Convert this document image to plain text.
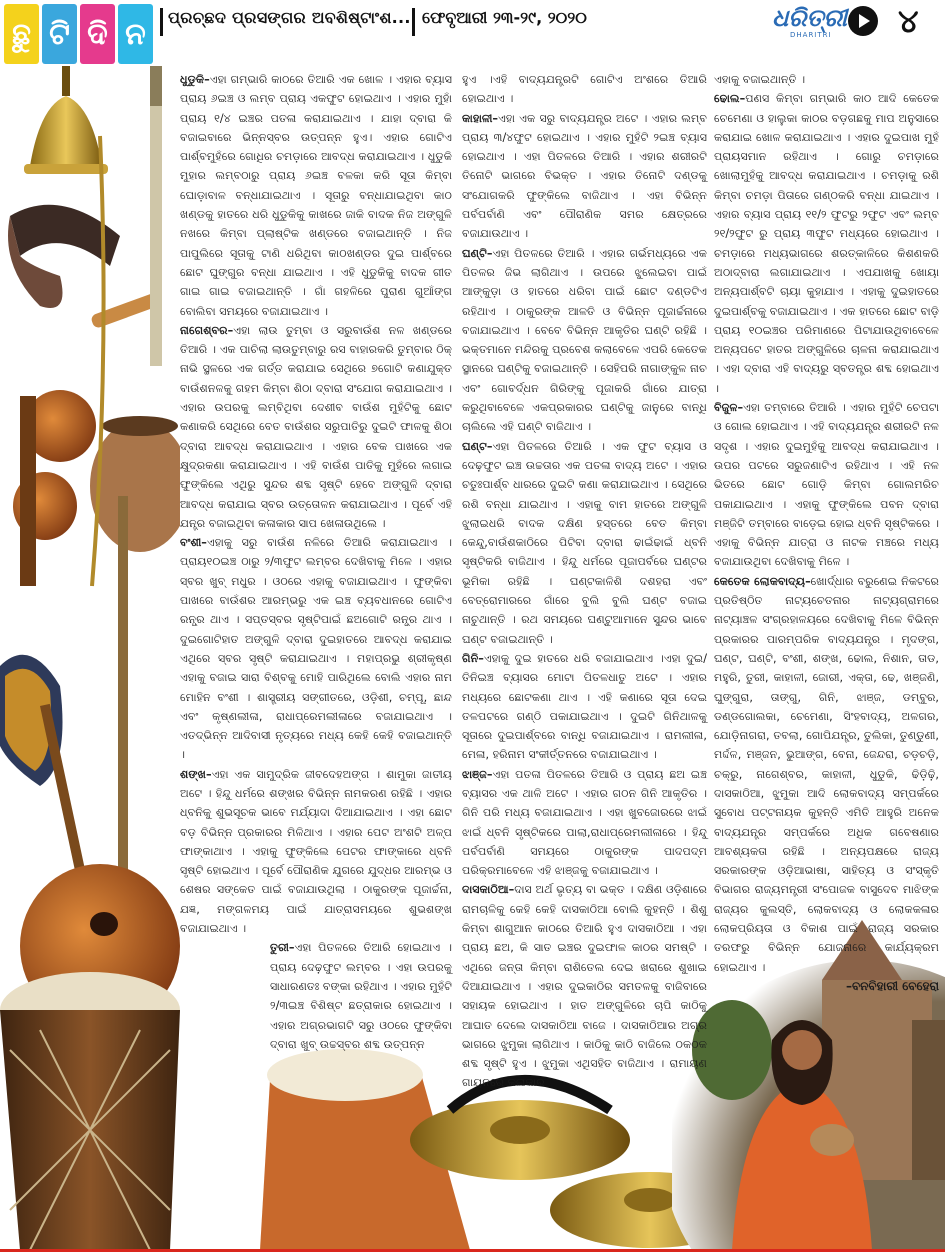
ଛୁ ଟି ଦି ନ	ପ୍ରଚ୍ଛଦ ପ୍ରସଙ୍ଗର ଅବଶିଷ୍ଟାଂଶ... ଫେବୃଆରୀ ୨୩-୨୯, ୨୦୨୦	ଧରିତ୍ରୀ
DHARITRI ୪

ଧୁଡୁକି–ଏହା ଗମ୍ଭାରି କାଠରେ ତିଆରି ଏକ ଖୋଳ । ଏହାର ବ୍ୟାସ ପ୍ରାୟ ୬ଇଞ୍ଚ ଓ ଲମ୍ବ ପ୍ରାୟ ଏକଫୁଟ ହୋଇଥାଏ । ଏହାର ମୁହାଁ ପ୍ରାୟ ୧/୪ ଇଞ୍ଚର ପତଳା କରାଯାଇଥାଏ । ଯାହା ଦ୍ବାରା କି ବଜାଇବାରେ ଭିନ୍ନସ୍ବର ଉତ୍ପନ୍ନ ହୁଏ। ଏହାର ଗୋଟିଏ ପାର୍ଶ୍ବମୁହଁରେ ଗୋଧିର ଚମଡ଼ାରେ ଆବଦ୍ଧ କରାଯାଇଥାଏ । ଧୁଡୁକି ମୁହାର ଲମ୍ବଠାରୁ ପ୍ରାୟ ୬ଇଞ୍ଚ ବଳକା କରି ସୂତା କିମ୍ବା ଘୋଡ଼ାବାଳ ବନ୍ଧାଯାଇଥାଏ । ସୂତାରୁ ବନ୍ଧାଯାଇଥିବା କାଠ ଖଣ୍ଡକୁ ହାତରେ ଧରି ଧୁଡୁକିକୁ କାଖରେ ଜାକି ବାଦକ ନିଜ ଅଙ୍ଗୁଳି ନଖରେ କିମ୍ବା ପ୍ଲାଷ୍ଟିକ ଖଣ୍ଡରେ ବଜାଇଥାନ୍ତି । ନିଜ ପାପୁଲିରେ ସୂତାକୁ ଟାଣି ଧରିଥିବା କାଠଖଣ୍ଡର ଦୁଇ ପାର୍ଶ୍ବରେ ଛୋଟ ଘୁଙ୍ଗୁର ବନ୍ଧା ଯାଇଥାଏ । ଏହି ଧୁଡୁକିକୁ ବାଦକ ଗୀତ ଗାଇ ଗାଇ ବଜାଇଥାନ୍ତି । ଗାଁ ଗହଳିରେ ପୁରାଣ ଗୁଆଁଙ୍ଗ ବୋଲିବା ସମୟରେ ବଜାଯାଇଥାଏ ।

ନାଗେଶ୍ବର–ଏହା ଲାଉ ତୁମ୍ବା ଓ ସରୁବାଉଁଶ ନଳ ଖଣ୍ଡରେ ତିଆରି । ଏକ ପାଚିଲା ଲାଉତୁମ୍ବାରୁ ରସ ବାହାରକରି ତୁମ୍ବାର ଠିକ୍ ନାଭି ସ୍ଥଳରେ ଏକ ଗର୍ତ୍ତ କରାଯାଇ ସେଥିରେ ୭ଗୋଟି କଣାଯୁକ୍ତ ବାଉଁଶନଳକୁ ଗହମ କିମ୍ବା ଶିଠା ଦ୍ବାରା ସଂଯୋଗ କରାଯାଇଥାଏ । ଏହାର ଉପରକୁ ଲମ୍ବିଥିବା ଦେଶୀବ ବାଉଁଶ ମୁହଁଟିକୁ ଛୋଟ କଣାକରି ସେଥିରେ ବେତ ବାଉଁଶର ସରୁପାତିରୁ ଦୁଇଟି ଫାଳକୁ ଶିଠା ଦ୍ବାରା ଆବଦ୍ଧ କରାଯାଇଥାଏ । ଏହାର ବେକ ପାଖରେ ଏକ କ୍ଷୁଦ୍ରକଣା କରାଯାଇଥାଏ । ଏହି ବାଉଁଶ ପାତିକୁ ମୁହଁରେ ଲଗାଇ ଫୁଙ୍କିଲେ ଏଥିରୁ ସୁନ୍ଦର ଶବ୍ଦ ସୃଷ୍ଟି ହେବେ ଅଙ୍ଗୁଳି ଦ୍ବାରା ଆବଦ୍ଧ କରାଯାଇ ସ୍ବର ଉତ୍ତୋଳନ କରାଯାଇଥାଏ । ପୂର୍ବେ ଏହି ଯନ୍ତ୍ର ବଜାଇଥିବା କଳାକାର ସାପ ଖେଳାଉଥିଲେ ।

ବଂଶୀ–ଏହାକୁ ସରୁ ବାଉଁଶ ନଳିରେ ତିଆରି କରାଯାଇଥାଏ । ପ୍ରାୟ୧୦ଇଞ୍ଚ ଠାରୁ ୨/୩ଫୁଟ ଲମ୍ବର ଦେଖିବାକୁ ମିଳେ । ଏହାର ସ୍ବର ଖୁବ୍ ମଧୁର । ଓଠରେ ଏହାକୁ ବଜାଯାଇଥାଏ । ଫୁଙ୍କିବା ପାଖରେ ବାଉଁଶର ଆରମ୍ଭରୁ ଏକ ଇଞ୍ଚ ବ୍ୟବଧାନରେ ଗୋଟିଏ ରନ୍ଧ୍ର ଥାଏ । ସପ୍ତସ୍ବର ସୃଷ୍ଟିପାଇଁ ଛଅଗୋଟି ରନ୍ଧ୍ର ଥାଏ । ଦୁଇଗୋଟିହାତ ଅଙ୍ଗୁଳି ଦ୍ବାରା ଦୁଇହାତରେ ଆବଦ୍ଧ କରାଯାଇ ଏଥିରେ ସ୍ବର ସୃଷ୍ଟି କରାଯାଇଥାଏ । ମହାପ୍ରଭୁ ଶ୍ରୀକୃଷ୍ଣ ଏହାକୁ ବଜାଇ ସାରା ବିଶ୍ବକୁ ମୋହି ପାରିଥିଲେ ବୋଲି ଏହାର ନାମ ମୋହିନ ବଂଶୀ । ଶାସ୍ତ୍ରୀୟ ସଙ୍ଗୀତରେ, ଓଡ଼ିଶୀ, ଚମ୍ପୂ, ଛାନ୍ଦ ଏବଂ କୃଷ୍ଣଲୀଳା, ରାଧାପ୍ରେମଲୀଳାରେ ବଜାଯାଇଥାଏ । ଏତଦ୍ଭିନ୍ନ ଆଦିବାସୀ ନୃତ୍ୟରେ ମଧ୍ୟ କେହି କେହି ବଜାଇଥାନ୍ତି ।

ଶଙ୍ଖ–ଏହା ଏକ ସାମୁଦ୍ରିକ ଜୀବଦେହଅଙ୍ଗ । ଶାମୁକା ଜାତୀୟ ଅଟେ । ହିନ୍ଦୁ ଧର୍ମରେ ଶଙ୍ଖର ବିଭିନ୍ନ ନାମକରଣ ରହିଛି । ଏହାର ଧ୍ବନିକୁ ଶୁଭସୂଚକ ଭାବେ ମର୍ଯ୍ୟାଦା ଦିଆଯାଇଥାଏ । ଏହା ଛୋଟ ବଡ଼ ବିଭିନ୍ନ ପ୍ରକାରର ମିଳିଥାଏ । ଏହାର ପେଟ ଅଂଶଟି ଅଳ୍ପ ଫାଙ୍କାଥାଏ । ଏହାକୁ ଫୁଙ୍କିଲେ ପେଟର ଫାଙ୍କାରେ ଧ୍ବନି ସୃଷ୍ଟି ହୋଇଥାଏ । ପୂର୍ବେ ପୌରାଣିକ ଯୁଗରେ ଯୁଦ୍ଧର ଆରମ୍ଭ ଓ ଶେଷର ସଙ୍କେତ ପାଇଁ ବଜାଯାଉଥିଲା । ଠାକୁରଙ୍କ ପୂଜାର୍ଚ୍ଚନା, ଯଜ୍ଞ, ମଙ୍ଗଳମୟ ପାଇଁ ଯାତ୍ରାସମୟରେ ଶୁଭଶଙ୍ଖ ବଜାଯାଇଥାଏ ।

ତୁରୀ–ଏହା ପିତଳରେ ତିଆରି ହୋଇଥାଏ । ପ୍ରାୟ ଦେଢ଼ଫୁଟ ଲମ୍ବର । ଏହା ଉପରକୁ ସାଧାରଣତଃ ବଙ୍କା ରହିଥାଏ । ଏହାର ମୁହଁଟି ୨/୩ଇଞ୍ଚ ବିଶିଷ୍ଟ ଛତ୍ରାକାର ହୋଇଥାଏ । ଏହାର ଅଗ୍ରଭାଗଟି ସରୁ ଓଠରେ ଫୁଙ୍କିବା ଦ୍ବାରା ଖୁବ୍ ଉଚ୍ଚସ୍ବର ଶବ୍ଦ ଉତ୍ପନ୍ନ

ହୁଏ ।ଏହି ବାଦ୍ୟଯନ୍ତ୍ରଟି ଗୋଟିଏ ଅଂଶରେ ତିଆରି ହୋଇଥାଏ ।

କାହାଳୀ–ଏହା ଏକ ସରୁ ବାଦ୍ୟଯନ୍ତ୍ର ଅଟେ । ଏହାର ଲମ୍ବ ପ୍ରାୟ ୩/୪ଫୁଟ ହୋଇଥାଏ । ଏହାର ମୁହଁଟି ୨ଇଞ୍ଚ ବ୍ୟାସ ହୋଇଥାଏ । ଏହା ପିତଳରେ ତିଆରି । ଏହାର ଶରୀରଟି ତିନୋଟି ଭାଗରେ ବିଭକ୍ତ । ଏହାର ତିନୋଟି ଦଣ୍ଡକୁ ସଂଯୋଗକରି ଫୁଙ୍କିଲେ ବାଜିଥାଏ । ଏହା ବିଭିନ୍ନ ପର୍ବପର୍ବାଣି ଏବଂ ପୌରାଣିକ ସମର କ୍ଷେତ୍ରରେ ବଜାଯାଉଥାଏ ।

ଘଣ୍ଟି–ଏହା ପିତଳରେ ତିଆରି । ଏହାର ଗର୍ଭମଧ୍ୟରେ ଏକ ପିତଳର ଜିଭ ଲାଗିଥାଏ । ଉପରେ ଝୁଲେଇବା ପାଇଁ ଆଙ୍କୁଡ଼ା ଓ ହାତରେ ଧରିବା ପାଇଁ ଛୋଟ ଦଣ୍ଡଟିଏ ରହିଥାଏ । ଠାକୁରଙ୍କ ଆଳତି ଓ ବିଭିନ୍ନ ପୂଜାର୍ଚ୍ଚନାରେ ବଜାଯାଇଥାଏ । ବେବେ ବିଭିନ୍ନ ଆକୃତିର ଘଣ୍ଟି ରହିଛି । ଭକ୍ତମାନେ ମନ୍ଦିରକୁ ପ୍ରବେଶ କଲାବେଳେ ଏପରି କେତେକ ସ୍ଥାନରେ ଘଣ୍ଟିକୁ ବଜାଇଥାନ୍ତି । ସେହିପରି ନାଗାଙ୍କୁଳ ନାଚ ଏବଂ ଗୋବର୍ଦ୍ଧନ ଗିରିଙ୍କୁ ପୂଜାକରି ଗାଁରେ ଯାତ୍ରା କରୁଥିବାବେଳେ ଏକପ୍ରକାରର ଘଣ୍ଟିକୁ ଜାନୁରେ ବାନ୍ଧି ଚାଲିଲେ ଏହି ଘଣ୍ଟି ବାଜିଥାଏ ।

ଘଣ୍ଟ–ଏହା ପିତଳରେ ତିଆରି । ଏକ ଫୁଟ ବ୍ୟାସ ଓ ଦେଢ଼ଫୁଟ ଇଞ୍ଚ ଉଚ୍ଚତାର ଏକ ପତଳା ବାଦ୍ୟ ଅଟେ । ଏହାର ଚତୁଃପାର୍ଶ୍ବ ଧାରରେ ଦୁଇଟି କଣା କରାଯାଇଥାଏ । ସେଥିରେ ରଶି ବନ୍ଧା ଯାଇଥାଏ । ଏହାକୁ ବାମ ହାତରେ ଅଙ୍ଗୁଳି ଝୁଲାଇଧରି ବାଦକ ଦକ୍ଷିଣ ହସ୍ତରେ ବେତ କିମ୍ବା କେନ୍ଦୁ,ବାଉଁଶକାଠିରେ ପିଟିବା ଦ୍ବାରା ଢାଇଁଢାଇଁ ଧ୍ବନି ସୃଷ୍ଟିକରି ବାଜିଥାଏ । ହିନ୍ଦୁ ଧର୍ମରେ ପୂଜାପର୍ବରେ ଘଣ୍ଟର ଭୂମିକା ରହିଛି । ଘଣ୍ଟକାଳିଶି ଦଶହରା ଏବଂ ବେତ୍ରୋମାରରେ ଗାଁରେ ବୁଲି ବୁଲି ଘଣ୍ଟ ବଜାଇ ନାଚୁଥାନ୍ତି । ରଥ ସମୟରେ ଘଣ୍ଟୁଆମାନେ ସୁନ୍ଦର ଭାବେ ଘଣ୍ଟ ବଜାଇଥାନ୍ତି ।

ଗିନି–ଏହାକୁ ଦୁଇ ହାତରେ ଧରି ବଜାଯାଇଥାଏ ।ଏହା ଦୁଇ/ ତିନିଇଞ୍ଚ ବ୍ୟାସର ମୋଟା ପିତଳଧାତୁ ଅଟେ । ଏହାର ମଧ୍ୟରେ ଛୋଟକଣା ଥାଏ । ଏହି କଣାରେ ସୂତା ଦେଇ ତଳପଟରେ ଗଣ୍ଠି ପକାଯାଇଥାଏ । ଦୁଇଟି ଗିନିଥାଳକୁ ସୂତାରେ ଦୁଇପାର୍ଶ୍ବରେ ବାନ୍ଧି ବଜାଯାଇଥାଏ । ରାମଲୀଳା, ମେଳା, ହରିନାମ ସଂକୀର୍ତ୍ତନରେ ବଜାଯାଇଥାଏ ।

ଝାଞ୍ଜ–ଏହା ପତଳା ପିତଳରେ ତିଆରି ଓ ପ୍ରାୟ ଛଅ ଇଞ୍ଚ ବ୍ୟାସର ଏକ ଥାଳି ଅଟେ । ଏହାର ଗଠନ ଗିନି ଆକୃତିର । ଗିନି ପରି ମଧ୍ୟ ବଜାଯାଇଥାଏ । ଏହା ଖୁବଜୋରରେ ଝାଇଁ ଝାଇଁ ଧ୍ବନି ସୃଷ୍ଟିକରେ ପାଲା,ରାଧାପ୍ରେମଲୀଳାରେ । ହିନ୍ଦୁ ପର୍ବପର୍ବାଣି ସମୟରେ ଠାକୁରଙ୍କ ପାଦପଦ୍ମ ପରିକ୍ରମାବେଳେ ଏହି ଝାଞ୍ଜକୁ ବଜାଯାଇଥାଏ ।

ଦାସକାଠିଆ–ଦାସ ଅର୍ଥ ଭୃତ୍ୟ ବା ଭକ୍ତ । ଦକ୍ଷିଣ ଓଡ଼ିଶାରେ ରାମଚାଳିକୁ କେହି କେହି ଦାସକାଠିଆ ବୋଲି କୁହନ୍ତି । ଶିଶୁ କିମ୍ବା ଶାଗୁଆନ କାଠରେ ତିଆରି ହୁଏ ଦାସକାଠିଆ । ଏହା ପ୍ରାୟ ଛଅ, କି ସାତ ଇଞ୍ଚର ଦୁଇଫାଳ କାଠର ସମଷ୍ଟି । ଏଥିରେ ଜନ୍ତା କିମ୍ବା ରାଶିତେଲ ଦେଇ ଖରାରେ ଶୁଖାଇ ଦିଆଯାଇଥାଏ । ଏହାର ଦୁଇକାଠିର ସମତଳକୁ ବାଜିବାରେ ସହାୟକ ହୋଇଥାଏ । ହାତ ଅଙ୍ଗୁଳିରେ ଚାପି କାଠିକୁ ଆଘାତ ଦେଲେ ଦାସକାଠିଆ ବାଜେ । ଦାସକାଠିଆର ଅଗ୍ର ଭାଗରେ ଝୁମୁକା ଲାଗିଥାଏ । କାଠିକୁ କାଠି ବାଜିଲେ ଠକଠକ ଶବ୍ଦ ସୃଷ୍ଟି ହୁଏ । ଝୁମୁକା ଏଥିସହିତ ବାଜିଥାଏ । ରାମାୟଣ ଗାୟନରେ କଳାକାର

ଏହାକୁ ବଜାଇଥାନ୍ତି ।

ଢୋଲ–ପଣସ କିମ୍ବା ଗମ୍ଭାରି କାଠ ଆଦି କେତେକ ଚେମେଣା ଓ ହାଲୁକା କାଠର ବଡ଼ଗଛକୁ ମାପ ଅନୁସାରେ କରାଯାଇ ଖୋଳ କରାଯାଇଥାଏ । ଏହାର ଦୁଇପାଖ ମୁହଁ ପ୍ରାୟସମାନ ରହିଥାଏ । ଗୋରୁ ଚମଡ଼ାରେ ଖୋଲାମୁହଁକୁ ଆବଦ୍ଧ କରାଯାଇଥାଏ । ଚମଡ଼ାକୁ ରଶି କିମ୍ବା ଚମଡ଼ା ପିତାରେ ଗଣ୍ଠକରି ବନ୍ଧା ଯାଇଥାଏ । ଏହାର ବ୍ୟାସ ପ୍ରାୟ ୧୧/୨ ଫୁଟରୁ ୨ଫୁଟ ଏବଂ ଲମ୍ବ ୨୧/୨ଫୁଟ ରୁ ପ୍ରାୟ ୩ଫୁଟ ମଧ୍ୟରେ ହୋଇଥାଏ । ଚମଡ଼ାରେ ମଧ୍ୟଭାଗରେ ଶରତ୍କାଳିରେ କିଶଣକରି ଅଠାଦ୍ବାରା ଲଗାଯାଇଥାଏ । ଏପଯାଖକୁ ଖୋୟା ଅନ୍ୟପାର୍ଶ୍ବଟି ଚାୟା କୁହାଯାଏ । ଏହାକୁ ଦୁଇହାତରେ ଦୁଇପାର୍ଶ୍ବକୁ ବଜାଯାଇଥାଏ । ଏକ ହାତରେ ଛୋଟ ବାଡ଼ି ପ୍ରାୟ ୧୦ଇଞ୍ଚର ପରିମାଣରେ ପିଟାଯାଉଥିବାବେଳେ ଅନ୍ୟପଟେ ହାତର ଅଙ୍ଗୁଳିରେ ଚାଳନା କରାଯାଇଥାଏ । ଏହା ଦ୍ବାରା ଏହି ବାଦ୍ୟରୁ ସ୍ବତନ୍ତ୍ର ଶବ୍ଦ ହୋଇଥାଏ ।

ବିଜୁଳ–ଏହା ତମ୍ବାରେ ତିଆରି । ଏହାର ମୁହଁଟି ଚେପଟା ଓ ଗୋଲ ହୋଇଥାଏ । ଏହି ବାଦ୍ୟଯନ୍ତ୍ର ଶରୀରଟି ନଳ ସଦୃଶ । ଏହାର ଦୁଇମୁହଁକୁ ଆବଦ୍ଧ କରାଯାଇଥାଏ । ଉପର ପଟରେ ସରୁଜଣାଟିଏ ରହିଥାଏ । ଏହି ନଳ ଭିତରେ ଛୋଟ ଗୋଡ଼ି କିମ୍ବା ଗୋଲମରିଚ ପକାଯାଇଥାଏ । ଏହାକୁ ଫୁଙ୍କିଲେ ପବନ ଦ୍ବାରା ମଞ୍ଜିଟି ତମ୍ବାରେ ବାଡ଼େଇ ହୋଇ ଧ୍ବନି ସୃଷ୍ଟିକରେ । ଏହାକୁ ବିଭିନ୍ନ ଯାତ୍ରା ଓ ନାଟକ ମଞ୍ଚରେ ମଧ୍ୟ ବଜାଯାଉଥିବା ଦେଖିବାକୁ ମିଳେ ।

କେତେକ ଲୋକବାଦ୍ୟ–ଖୋର୍ଦ୍ଧାର ବରୁଣେଇ ନିକଟରେ ପ୍ରତିଷ୍ଠିତ ନାଟ୍ୟଚେତନାର ନାଟ୍ୟଗ୍ରାମରେ ନାଟ୍ୟାଞ୍ଚଳ ସଂଗ୍ରହାଳୟରେ ଦେଖିବାକୁ ମିଳେ ବିଭିନ୍ନ ପ୍ରକାରର ପାରମ୍ପରିକ ବାଦ୍ୟଯନ୍ତ୍ର । ମୃଦଙ୍ଗ, ଘଣ୍ଟ, ଘଣ୍ଟି, ବଂଶୀ, ଶଙ୍ଖ, ଢୋଲ, ନିଶାନ, ତାଡ, ମହୁରି, ତୁରୀ, କାହାଳୀ, ଜୋରୀ, ଏକ୍ତା, ଢେ, ଖଞ୍ଜଣି, ଘୁଙ୍ଗୁରା, ତାଙ୍ଗୁ, ଗିନି, ଝାଞ୍ଜ, ଡମ୍ବୁର, ଡଣ୍ଡଗୋଲକା, ଚେମେଣା, ସିଂହବାଦ୍ୟ, ଅଳଗର, ଯୋଡ଼ିନାଗରା, ତବଲା, ଗୋପିଯନ୍ତ୍ର, ତୁଲିକା, ତୁଣ୍ଡୁଣୀ, ମର୍ଦ୍ଦଳ, ମଞ୍ଜନ, ଭୁଆଙ୍ଗ, ବେନା, ଜେନ୍ଦରା, ଚଡ଼ଚଡ଼ି, ଚକ୍ରୁ, ନାଗେଶ୍ବର, କାହାଳୀ, ଧୁଡୁକି, ଢିଡ଼ିଢ଼ି, ଦାସକାଠିଆ, ଝୁମୁକା ଆଦି ଲୋକବାଦ୍ୟ ସମ୍ପର୍କରେ ସୁବୋଧ ପଟ୍ଟନାୟକ କୁହନ୍ତି ଏମିତି ଆହୁରି ଅନେକ ବାଦ୍ୟଯନ୍ତ୍ର ସମ୍ପର୍କରେ ଅଧିକ ଗବେଷଣାର ଆବଶ୍ୟକତା ରହିଛି । ଅନ୍ୟପକ୍ଷରେ ରାଜ୍ୟ ସରକାରଙ୍କ ଓଡ଼ିଆଭାଷା, ସାହିତ୍ୟ ଓ ସଂସ୍କୃତି ବିଭାଗର ରାଜ୍ୟମନ୍ତ୍ରୀ ସଂପୋଜକ ବାସୁଦେବ ମାଝିଙ୍କ ରାଜ୍ୟର କୁଲସ୍ତି, ଲୋକବାଦ୍ୟ ଓ ଲୋକକଳାର ଲୋକପ୍ରିୟତା ଓ ବିକାଶ ପାଇଁ ରାଜ୍ୟ ସରକାର ତରଫରୁ ବିଭିନ୍ନ ଯୋଜନାରେ କାର୍ଯ୍ୟକ୍ରମ ହୋଇଥାଏ ।

–ବନବିହାରୀ ବେହେରା
